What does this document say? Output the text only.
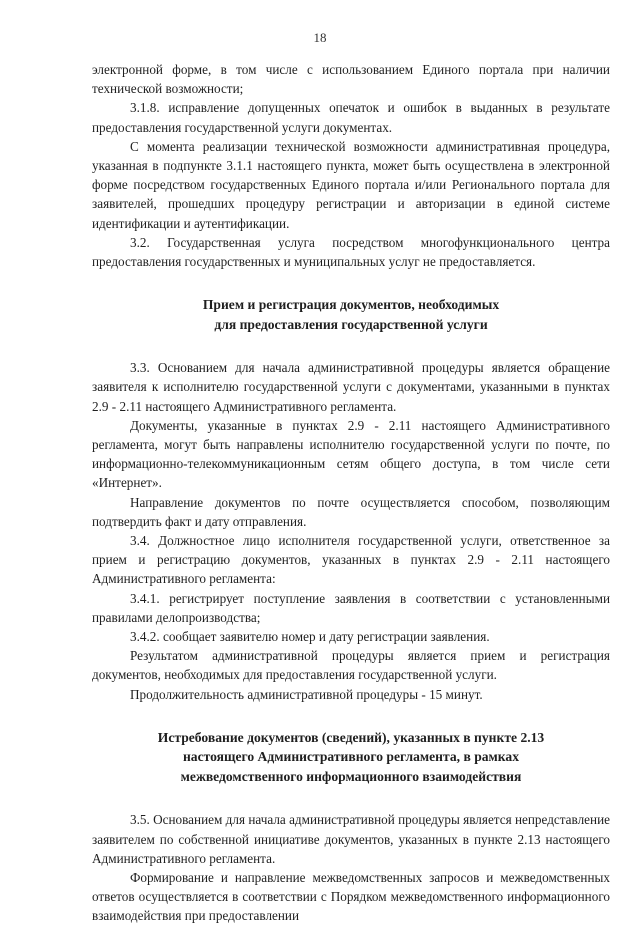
18

электронной форме, в том числе с использованием Единого портала при наличии технической возможности;

3.1.8. исправление допущенных опечаток и ошибок в выданных в результате предоставления государственной услуги документах.

С момента реализации технической возможности административная процедура, указанная в подпункте 3.1.1 настоящего пункта, может быть осуществлена в электронной форме посредством государственных Единого портала и/или Регионального портала для заявителей, прошедших процедуру регистрации и авторизации в единой системе идентификации и аутентификации.

3.2. Государственная услуга посредством многофункционального центра предоставления государственных и муниципальных услуг не предоставляется.

Прием и регистрация документов, необходимых

для предоставления государственной услуги

3.3. Основанием для начала административной процедуры является обращение заявителя к исполнителю государственной услуги с документами, указанными в пунктах 2.9 - 2.11 настоящего Административного регламента.

Документы, указанные в пунктах 2.9 - 2.11 настоящего Административного регламента, могут быть направлены исполнителю государственной услуги по почте, по информационно-телекоммуникационным сетям общего доступа, в том числе сети «Интернет».

Направление документов по почте осуществляется способом, позволяющим подтвердить факт и дату отправления.

3.4. Должностное лицо исполнителя государственной услуги, ответственное за прием и регистрацию документов, указанных в пунктах 2.9 - 2.11 настоящего Административного регламента:

3.4.1. регистрирует поступление заявления в соответствии с установленными правилами делопроизводства;

3.4.2. сообщает заявителю номер и дату регистрации заявления.

Результатом административной процедуры является прием и регистрация документов, необходимых для предоставления государственной услуги.

Продолжительность административной процедуры - 15 минут.

Истребование документов (сведений), указанных в пункте 2.13

настоящего Административного регламента, в рамках

межведомственного информационного взаимодействия

3.5. Основанием для начала административной процедуры является непредставление заявителем по собственной инициативе документов, указанных в пункте 2.13 настоящего Административного регламента.

Формирование и направление межведомственных запросов и межведомственных ответов осуществляется в соответствии с Порядком межведомственного информационного взаимодействия при предоставлении
